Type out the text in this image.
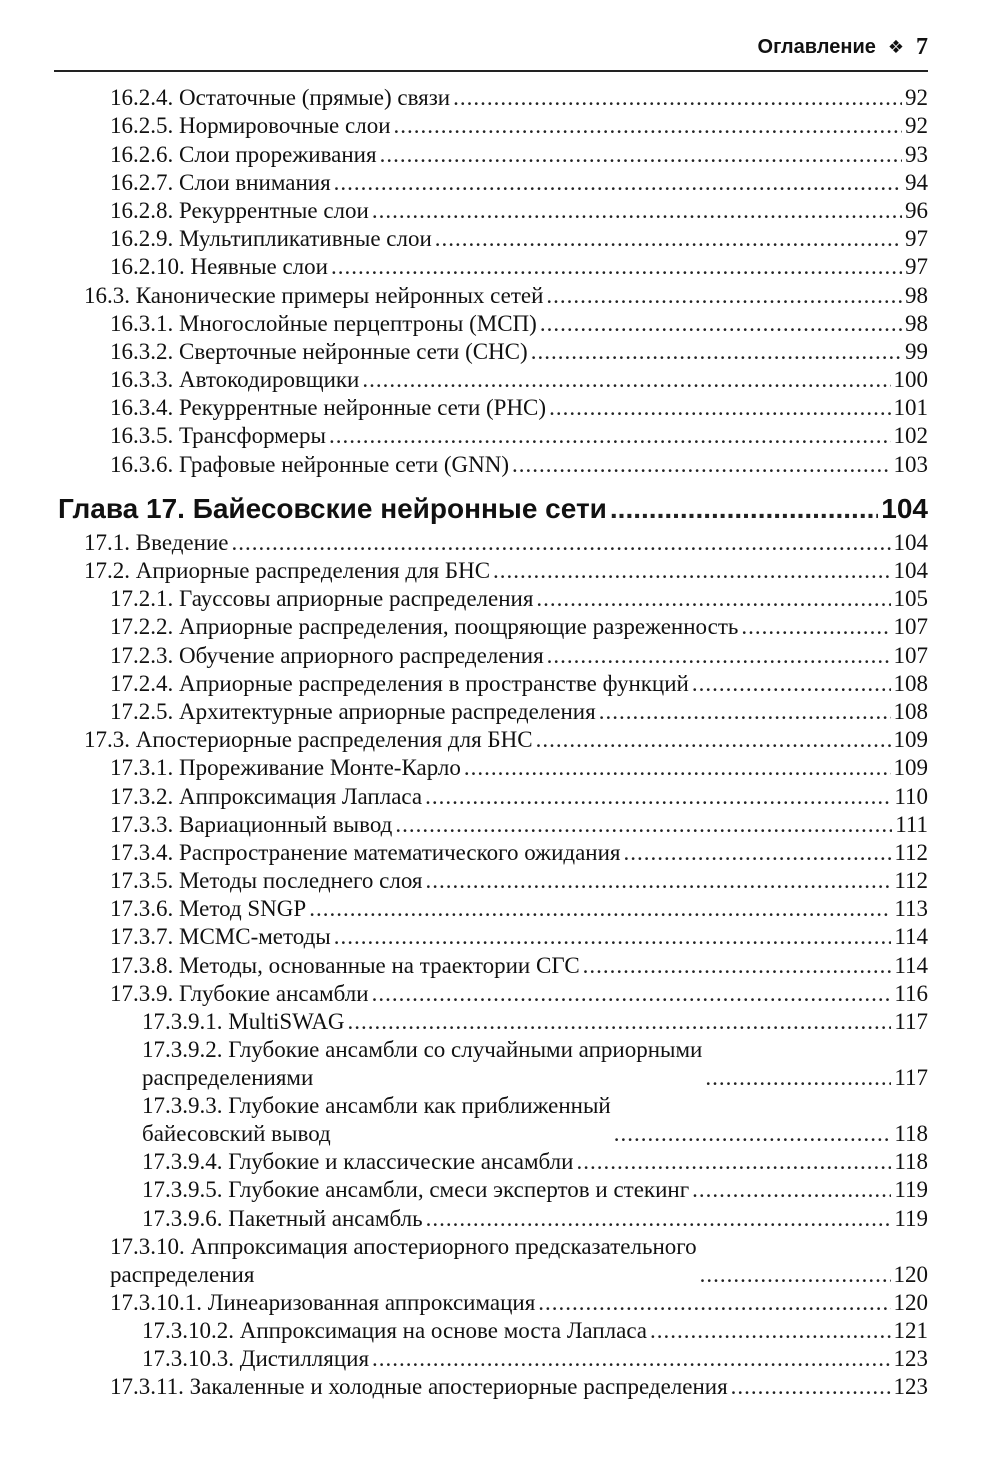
Оглавление ❖ 7
16.2.4. Остаточные (прямые) связи .....	92
16.2.5. Нормировочные слои .....	92
16.2.6. Слои прореживания .....	93
16.2.7. Слои внимания .....	94
16.2.8. Рекуррентные слои .....	96
16.2.9. Мультипликативные слои .....	97
16.2.10. Неявные слои .....	97
16.3. Канонические примеры нейронных сетей .....	98
16.3.1. Многослойные перцептроны (МСП) .....	98
16.3.2. Сверточные нейронные сети (СНС) .....	99
16.3.3. Автокодировщики .....	100
16.3.4. Рекуррентные нейронные сети (РНС) .....	101
16.3.5. Трансформеры .....	102
16.3.6. Графовые нейронные сети (GNN) .....	103
Глава 17. Байесовские нейронные сети .....	104
17.1. Введение .....	104
17.2. Априорные распределения для БНС .....	104
17.2.1. Гауссовы априорные распределения .....	105
17.2.2. Априорные распределения, поощряющие разреженность .....	107
17.2.3. Обучение априорного распределения .....	107
17.2.4. Априорные распределения в пространстве функций .....	108
17.2.5. Архитектурные априорные распределения .....	108
17.3. Апостериорные распределения для БНС .....	109
17.3.1. Прореживание Монте-Карло .....	109
17.3.2. Аппроксимация Лапласа .....	110
17.3.3. Вариационный вывод .....	111
17.3.4. Распространение математического ожидания .....	112
17.3.5. Методы последнего слоя .....	112
17.3.6. Метод SNGP .....	113
17.3.7. MCMC-методы .....	114
17.3.8. Методы, основанные на траектории СГС .....	114
17.3.9. Глубокие ансамбли .....	116
17.3.9.1. MultiSWAG .....	117
17.3.9.2. Глубокие ансамбли со случайными априорными
распределениями .....	117
17.3.9.3. Глубокие ансамбли как приближенный
байесовский вывод .....	118
17.3.9.4. Глубокие и классические ансамбли .....	118
17.3.9.5. Глубокие ансамбли, смеси экспертов и стекинг .....	119
17.3.9.6. Пакетный ансамбль .....	119
17.3.10. Аппроксимация апостериорного предсказательного
распределения .....	120
17.3.10.1. Линеаризованная аппроксимация .....	120
17.3.10.2. Аппроксимация на основе моста Лапласа .....	121
17.3.10.3. Дистилляция .....	123
17.3.11. Закаленные и холодные апостериорные распределения .....	123
